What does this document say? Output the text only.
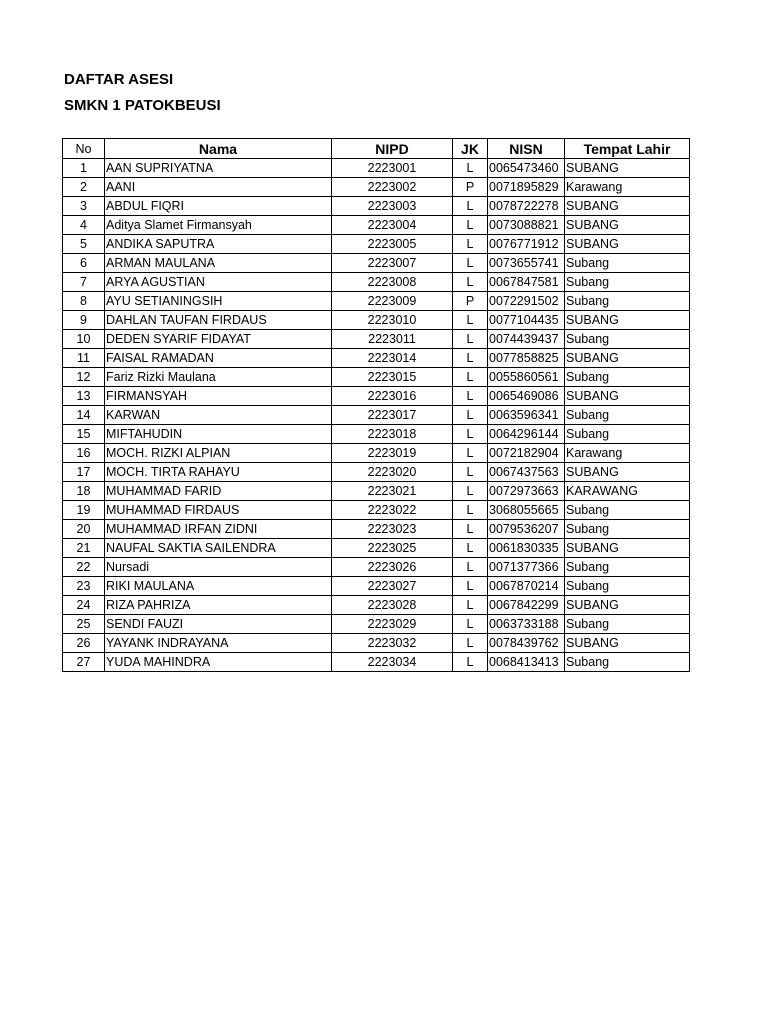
DAFTAR ASESI
SMKN 1 PATOKBEUSI
No	Nama	NIPD	JK	NISN	Tempat Lahir
1	AAN SUPRIYATNA	2223001	L	0065473460	SUBANG
2	AANI	2223002	P	0071895829	Karawang
3	ABDUL FIQRI	2223003	L	0078722278	SUBANG
4	Aditya Slamet Firmansyah	2223004	L	0073088821	SUBANG
5	ANDIKA SAPUTRA	2223005	L	0076771912	SUBANG
6	ARMAN MAULANA	2223007	L	0073655741	Subang
7	ARYA AGUSTIAN	2223008	L	0067847581	Subang
8	AYU SETIANINGSIH	2223009	P	0072291502	Subang
9	DAHLAN TAUFAN FIRDAUS	2223010	L	0077104435	SUBANG
10	DEDEN SYARIF FIDAYAT	2223011	L	0074439437	Subang
11	FAISAL RAMADAN	2223014	L	0077858825	SUBANG
12	Fariz Rizki Maulana	2223015	L	0055860561	Subang
13	FIRMANSYAH	2223016	L	0065469086	SUBANG
14	KARWAN	2223017	L	0063596341	Subang
15	MIFTAHUDIN	2223018	L	0064296144	Subang
16	MOCH. RIZKI ALPIAN	2223019	L	0072182904	Karawang
17	MOCH. TIRTA RAHAYU	2223020	L	0067437563	SUBANG
18	MUHAMMAD FARID	2223021	L	0072973663	KARAWANG
19	MUHAMMAD FIRDAUS	2223022	L	3068055665	Subang
20	MUHAMMAD IRFAN ZIDNI	2223023	L	0079536207	Subang
21	NAUFAL SAKTIA SAILENDRA	2223025	L	0061830335	SUBANG
22	Nursadi	2223026	L	0071377366	Subang
23	RIKI MAULANA	2223027	L	0067870214	Subang
24	RIZA PAHRIZA	2223028	L	0067842299	SUBANG
25	SENDI FAUZI	2223029	L	0063733188	Subang
26	YAYANK INDRAYANA	2223032	L	0078439762	SUBANG
27	YUDA MAHINDRA	2223034	L	0068413413	Subang
